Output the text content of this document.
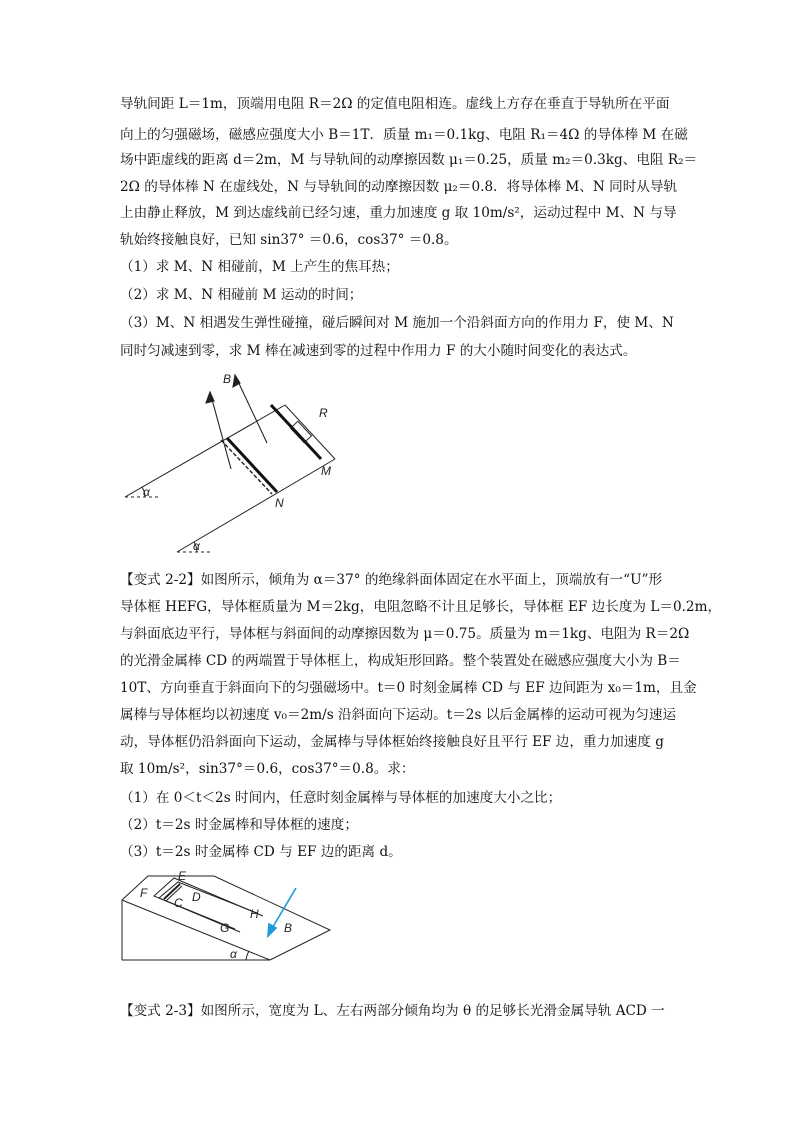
导轨间距 L＝1m，顶端用电阻 R＝2Ω 的定值电阻相连。虚线上方存在垂直于导轨所在平面
向上的匀强磁场，磁感应强度大小 B＝1T．质量 m₁＝0.1kg、电阻 R₁＝4Ω 的导体棒 M 在磁
场中距虚线的距离 d＝2m，M 与导轨间的动摩擦因数 μ₁＝0.25，质量 m₂＝0.3kg、电阻 R₂＝
2Ω 的导体棒 N 在虚线处，N 与导轨间的动摩擦因数 μ₂＝0.8．将导体棒 M、N 同时从导轨
上由静止释放，M 到达虚线前已经匀速，重力加速度 g 取 10m/s²，运动过程中 M、N 与导
轨始终接触良好，已知 sin37° ＝0.6，cos37° ＝0.8。
（1）求 M、N 相碰前，M 上产生的焦耳热；
（2）求 M、N 相碰前 M 运动的时间；
（3）M、N 相遇发生弹性碰撞，碰后瞬间对 M 施加一个沿斜面方向的作用力 F，使 M、N
同时匀减速到零，求 M 棒在减速到零的过程中作用力 F 的大小随时间变化的表达式。
B
R
M
N
α
α
【变式 2-2】如图所示，倾角为 α＝37° 的绝缘斜面体固定在水平面上，顶端放有一“U”形
导体框 HEFG，导体框质量为 M＝2kg，电阻忽略不计且足够长，导体框 EF 边长度为 L＝0.2m，
与斜面底边平行，导体框与斜面间的动摩擦因数为 μ＝0.75。质量为 m＝1kg、电阻为 R＝2Ω
的光滑金属棒 CD 的两端置于导体框上，构成矩形回路。整个装置处在磁感应强度大小为 B＝
10T、方向垂直于斜面向下的匀强磁场中。t＝0 时刻金属棒 CD 与 EF 边间距为 x₀＝1m，且金
属棒与导体框均以初速度 v₀＝2m/s 沿斜面向下运动。t＝2s 以后金属棒的运动可视为匀速运
动，导体框仍沿斜面向下运动，金属棒与导体框始终接触良好且平行 EF 边，重力加速度 g
取 10m/s²，sin37°＝0.6，cos37°＝0.8。求：
（1）在 0＜t＜2s 时间内，任意时刻金属棒与导体框的加速度大小之比；
（2）t＝2s 时金属棒和导体框的速度；
（3）t＝2s 时金属棒 CD 与 EF 边的距离 d。
E
F
C D
H
G	B
α
【变式 2-3】如图所示，宽度为 L、左右两部分倾角均为 θ 的足够长光滑金属导轨 ACD 一
